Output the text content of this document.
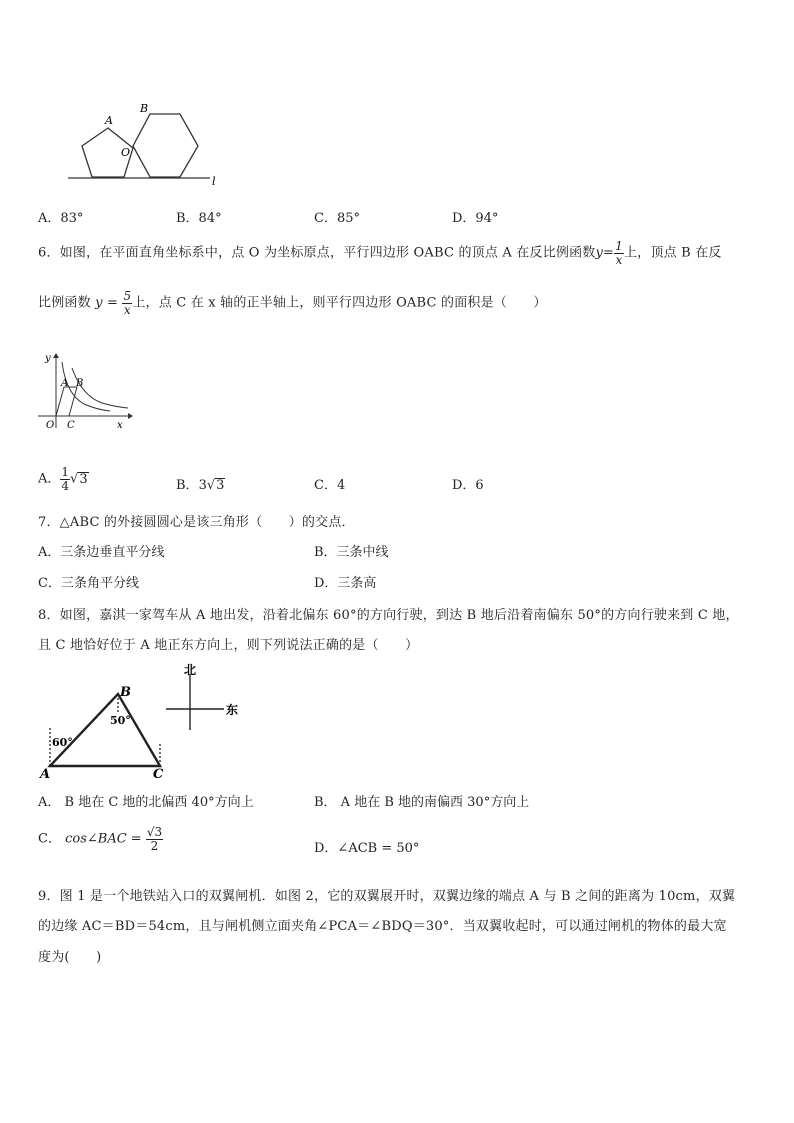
A
B
O
l
A．83°	B．84°	C．85°	D．94°
6．如图，在平面直角坐标系中，点 O 为坐标原点，平行四边形 OABC 的顶点 A 在反比例函数$y= \frac{1}{x}$ 上，顶点 B 在反
比例函数 $y = \frac{5}{x}$ 上，点 C 在 x 轴的正半轴上，则平行四边形 OABC 的面积是（　　）
y
A B
O C	x
A． $\frac{1}{4} √3$	B．3√3	C．4	D．6
7．△ABC 的外接圆圆心是该三角形（　　）的交点．
A．三条边垂直平分线	B．三条中线
C．三条角平分线	D．三条高
8．如图，嘉淇一家驾车从 A 地出发，沿着北偏东 60°的方向行驶，到达 B 地后沿着南偏东 50°的方向行驶来到 C 地，
且 C 地恰好位于 A 地正东方向上，则下列说法正确的是（　　）
A
B
C
60°
50°
北
东
A． B 地在 C 地的北偏西 40°方向上	B． A 地在 B 地的南偏西 30°方向上
C． cos∠BAC = $\frac{√3}{2}$	D．∠ACB = 50°
9．图 1 是一个地铁站入口的双翼闸机．如图 2，它的双翼展开时，双翼边缘的端点 A 与 B 之间的距离为 10cm，双翼
的边缘 AC＝BD＝54cm，且与闸机侧立面夹角∠PCA＝∠BDQ＝30°．当双翼收起时，可以通过闸机的物体的最大宽
度为(　　)
